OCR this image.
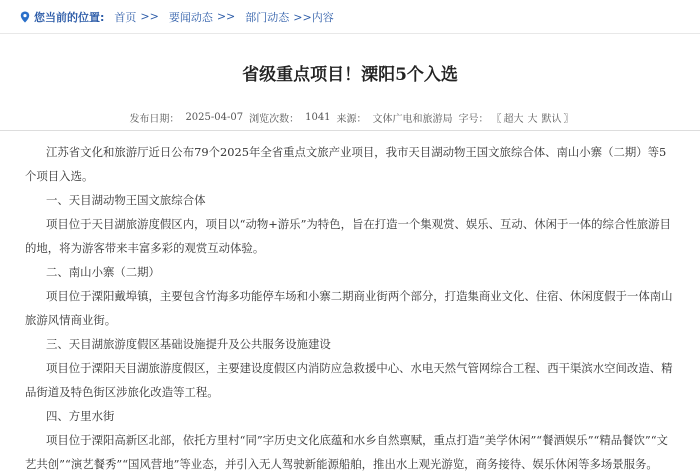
您当前的位置: 首页 >> 要闻动态 >> 部门动态 >>内容
省级重点项目！溧阳5个入选
发布日期： 2025-04-07 浏览次数： 1041 来源： 文体广电和旅游局 字号： 〖 超大 大 默认 〗

江苏省文化和旅游厅近日公布79个2025年全省重点文旅产业项目，我市天目湖动物王国文旅综合体、南山小寨（二期）等5个项目入选。

一、天目湖动物王国文旅综合体

项目位于天目湖旅游度假区内，项目以“动物+游乐”为特色，旨在打造一个集观赏、娱乐、互动、休闲于一体的综合性旅游目的地，将为游客带来丰富多彩的观赏互动体验。

二、南山小寨（二期）

项目位于溧阳戴埠镇，主要包含竹海多功能停车场和小寨二期商业街两个部分，打造集商业文化、住宿、休闲度假于一体南山旅游风情商业街。

三、天目湖旅游度假区基础设施提升及公共服务设施建设

项目位于溧阳天目湖旅游度假区，主要建设度假区内消防应急救援中心、水电天然气管网综合工程、西干渠滨水空间改造、精品街道及特色街区涉旅化改造等工程。

四、方里水街

项目位于溧阳高新区北部，依托方里村“同”字历史文化底蕴和水乡自然禀赋，重点打造“美学休闲”“餐酒娱乐”“精品餐饮”“文艺共创”“演艺餐秀”“国风营地”等业态，并引入无人驾驶新能源船舶，推出水上观光游览，商务接待、娱乐休闲等多场景服务。
